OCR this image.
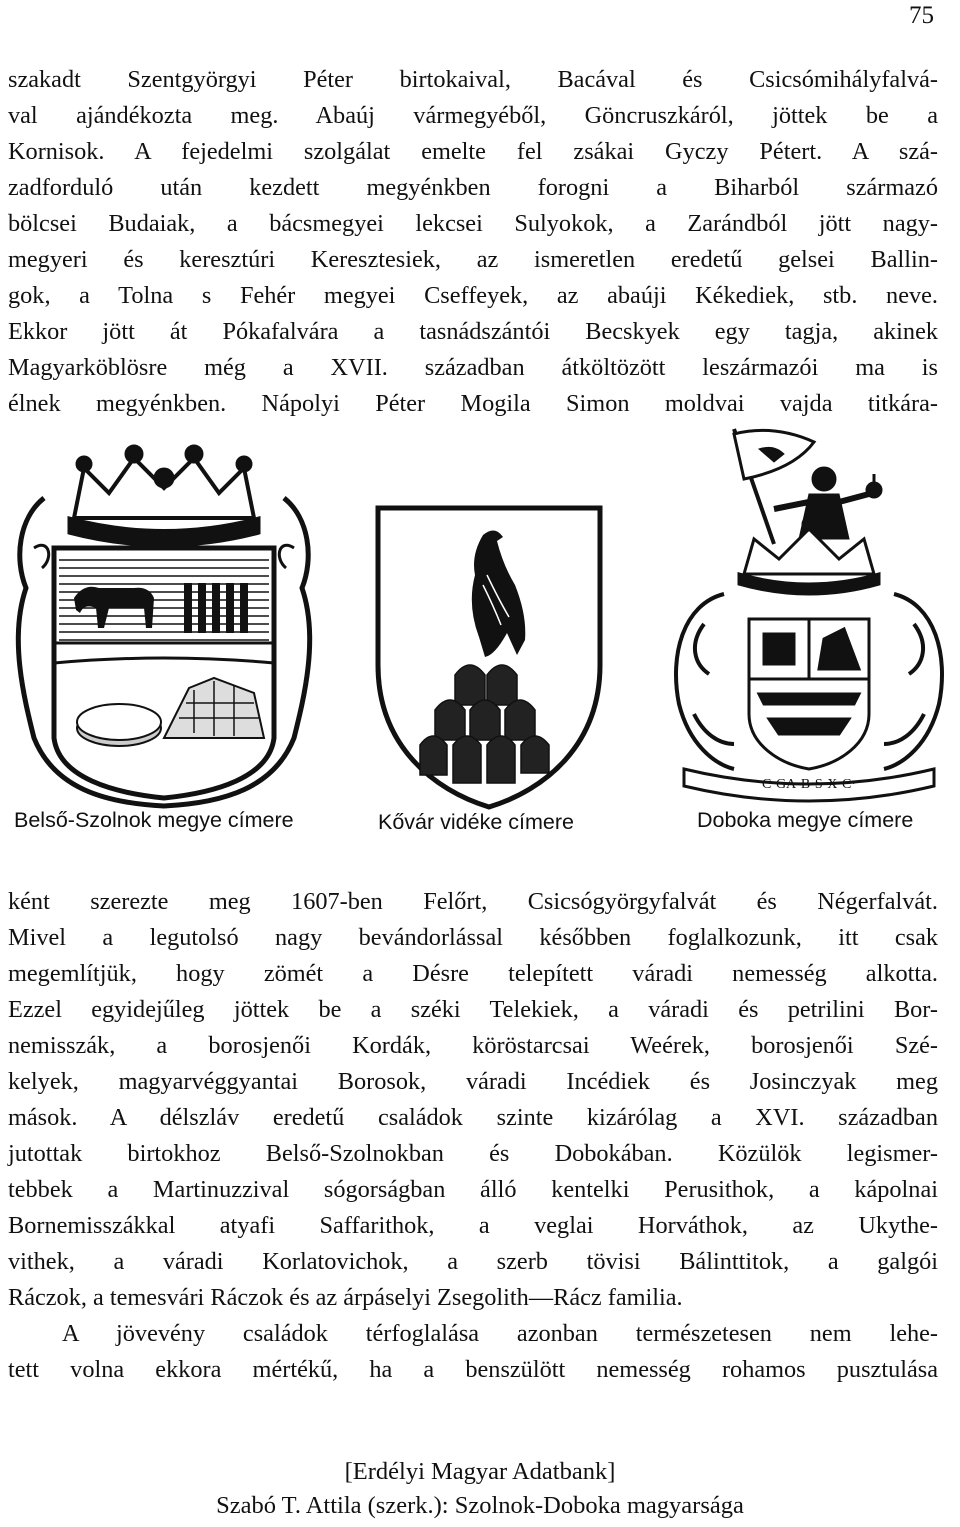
75
szakadt Szentgyörgyi Péter birtokaival, Bacával és Csicsómihályfalvá-
val ajándékozta meg. Abaúj vármegyéből, Göncruszkáról, jöttek be a
Kornisok. A fejedelmi szolgálat emelte fel zsákai Gyczy Pétert. A szá-
zadforduló után kezdett megyénkben forogni a Biharból származó
bölcsei Budaiak, a bácsmegyei lekcsei Sulyokok, a Zarándból jött nagy-
megyeri és keresztúri Keresztesiek, az ismeretlen eredetű gelsei Ballin-
gok, a Tolna s Fehér megyei Cseffeyek, az abaúji Kékediek, stb. neve.
Ekkor jött át Pókafalvára a tasnádszántói Becskyek egy tagja, akinek
Magyarköblösre még a XVII. században átköltözött leszármazói ma is
élnek megyénkben. Nápolyi Péter Mogila Simon moldvai vajda titkára-
Belső-Szolnok megye címere	Kővár vidéke címere
C·GA·B·S·X·C·
Doboka megye címere
ként szerezte meg 1607-ben Felőrt, Csicsógyörgyfalvát és Négerfalvát.
Mivel a legutolsó nagy bevándorlással későbben foglalkozunk, itt csak
megemlítjük, hogy zömét a Désre telepített váradi nemesség alkotta.
Ezzel egyidejűleg jöttek be a széki Telekiek, a váradi és petrilini Bor-
nemisszák, a borosjenői Kordák, köröstarcsai Weérek, borosjenői Szé-
kelyek, magyarvéggyantai Borosok, váradi Incédiek és Josinczyak meg
mások. A délszláv eredetű családok szinte kizárólag a XVI. században
jutottak birtokhoz Belső-Szolnokban és Dobokában. Közülök legismer-
tebbek a Martinuzzival sógorságban álló kentelki Perusithok, a kápolnai
Bornemisszákkal atyafi Saffarithok, a veglai Horváthok, az Ukythe-
vithek, a váradi Korlatovichok, a szerb tövisi Bálinttitok, a galgói
Ráczok, a temesvári Ráczok és az árpáselyi Zsegolith—Rácz familia.
A jövevény családok térfoglalása azonban természetesen nem lehe-
tett volna ekkora mértékű, ha a benszülött nemesség rohamos pusztulása
[Erdélyi Magyar Adatbank]
Szabó T. Attila (szerk.): Szolnok-Doboka magyarsága
